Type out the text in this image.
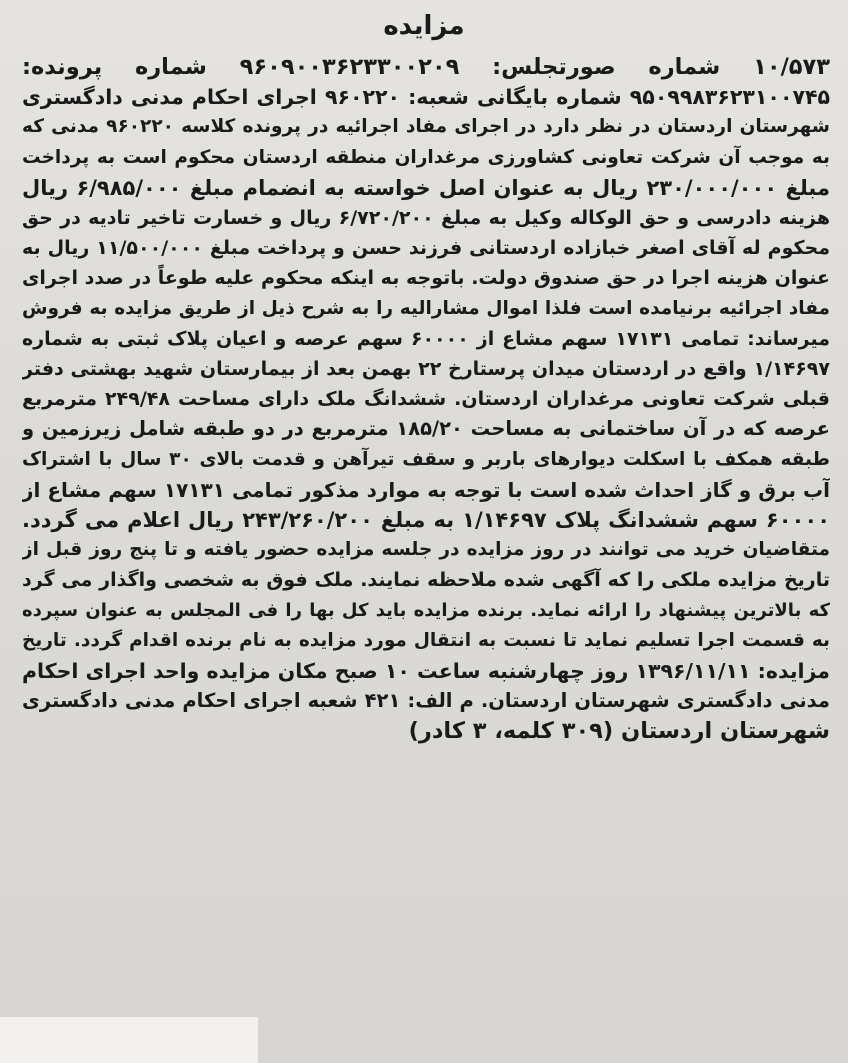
مزایده
۱۰/۵۷۳ شماره صورتجلس: ۹۶۰۹۰۰۳۶۲۳۳۰۰۲۰۹ شماره پرونده:
۹۵۰۹۹۸۳۶۲۳۱۰۰۷۴۵ شماره بایگانی شعبه: ۹۶۰۲۲۰ اجرای احکام مدنی دادگستری
شهرستان اردستان در نظر دارد در اجرای مفاد اجرائیه در پرونده کلاسه ۹۶۰۲۲۰ مدنی که
به موجب آن شرکت تعاونی کشاورزی مرغداران منطقه اردستان محکوم است به پرداخت
مبلغ ۲۳۰/۰۰۰/۰۰۰ ریال به عنوان اصل خواسته به انضمام مبلغ ۶/۹۸۵/۰۰۰ ریال
هزینه دادرسی و حق الوکاله وکیل به مبلغ ۶/۷۲۰/۲۰۰ ریال و خسارت تاخیر تادیه در حق
محکوم له آقای اصغر خبازاده اردستانی فرزند حسن و پرداخت مبلغ ۱۱/۵۰۰/۰۰۰ ریال به
عنوان هزینه اجرا در حق صندوق دولت. باتوجه به اینکه محکوم علیه طوعاً در صدد اجرای
مفاد اجرائیه برنیامده است فلذا اموال مشارالیه را به شرح ذیل از طریق مزایده به فروش
میرساند: تمامی ۱۷۱۳۱ سهم مشاع از ۶۰۰۰۰ سهم عرصه و اعیان پلاک ثبتی به شماره
۱/۱۴۶۹۷ واقع در اردستان میدان پرستارخ ۲۲ بهمن بعد از بیمارستان شهید بهشتی دفتر
قبلی شرکت تعاونی مرغداران اردستان. ششدانگ ملک دارای مساحت ۲۴۹/۴۸ مترمربع
عرصه که در آن ساختمانی به مساحت ۱۸۵/۲۰ مترمربع در دو طبقه شامل زیرزمین و
طبقه همکف با اسکلت دیوارهای باربر و سقف تیرآهن و قدمت بالای ۳۰ سال با اشتراک
آب برق و گاز احداث شده است با توجه به موارد مذکور تمامی ۱۷۱۳۱ سهم مشاع از
۶۰۰۰۰ سهم ششدانگ پلاک ۱/۱۴۶۹۷ به مبلغ ۲۴۳/۲۶۰/۲۰۰ ریال اعلام می گردد.
متقاضیان خرید می توانند در روز مزایده در جلسه مزایده حضور یافته و تا پنج روز قبل از
تاریخ مزایده ملکی را که آگهی شده ملاحظه نمایند. ملک فوق به شخصی واگذار می گرد
که بالاترین پیشنهاد را ارائه نماید. برنده مزایده باید کل بها را فی المجلس به عنوان سپرده
به قسمت اجرا تسلیم نماید تا نسبت به انتقال مورد مزایده به نام برنده اقدام گردد. تاریخ
مزایده: ۱۳۹۶/۱۱/۱۱ روز چهارشنبه ساعت ۱۰ صبح مکان مزایده واحد اجرای احکام
مدنی دادگستری شهرستان اردستان. م الف: ۴۲۱ شعبه اجرای احکام مدنی دادگستری
شهرستان اردستان (۳۰۹ کلمه، ۳ کادر)
